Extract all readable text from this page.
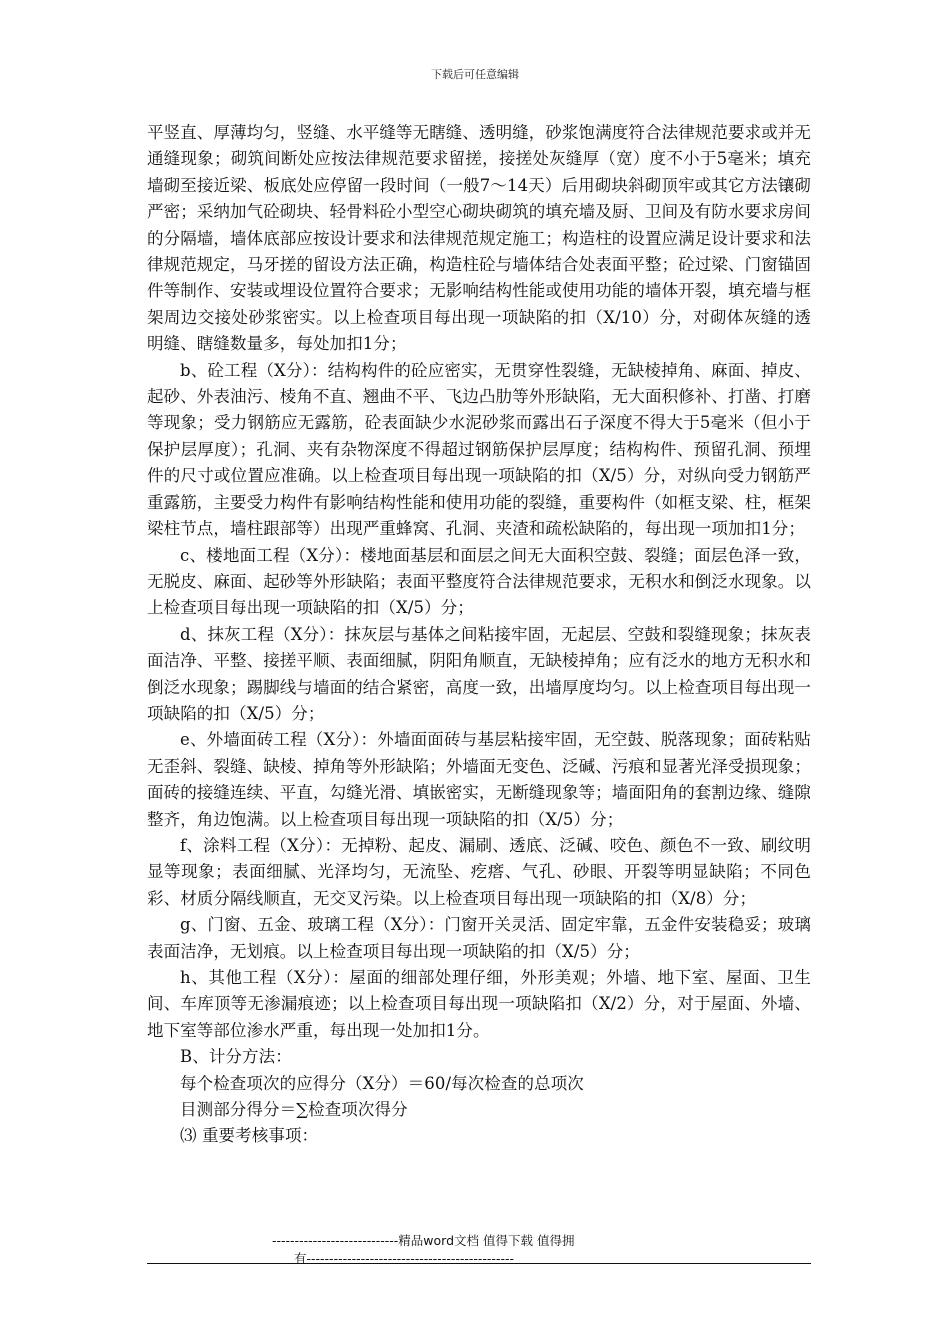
下载后可任意编辑

平竖直、厚薄均匀，竖缝、水平缝等无瞎缝、透明缝，砂浆饱满度符合法律规范要求或并无通缝现象；砌筑间断处应按法律规范要求留搓，接搓处灰缝厚（宽）度不小于5毫米；填充墙砌至接近梁、板底处应停留一段时间（一般7～14天）后用砌块斜砌顶牢或其它方法镶砌严密；采纳加气砼砌块、轻骨料砼小型空心砌块砌筑的填充墙及厨、卫间及有防水要求房间的分隔墙，墙体底部应按设计要求和法律规范规定施工；构造柱的设置应满足设计要求和法律规范规定，马牙搓的留设方法正确，构造柱砼与墙体结合处表面平整；砼过梁、门窗锚固件等制作、安装或埋设位置符合要求；无影响结构性能或使用功能的墙体开裂，填充墙与框架周边交接处砂浆密实。以上检查项目每出现一项缺陷的扣（X/10）分，对砌体灰缝的透明缝、瞎缝数量多，每处加扣1分；

b、砼工程（X分）：结构构件的砼应密实，无贯穿性裂缝，无缺棱掉角、麻面、掉皮、起砂、外表油污、棱角不直、翘曲不平、飞边凸肋等外形缺陷，无大面积修补、打凿、打磨等现象；受力钢筋应无露筋，砼表面缺少水泥砂浆而露出石子深度不得大于5毫米（但小于保护层厚度）；孔洞、夹有杂物深度不得超过钢筋保护层厚度；结构构件、预留孔洞、预埋件的尺寸或位置应准确。以上检查项目每出现一项缺陷的扣（X/5）分，对纵向受力钢筋严重露筋，主要受力构件有影响结构性能和使用功能的裂缝，重要构件（如框支梁、柱，框架梁柱节点，墙柱跟部等）出现严重蜂窝、孔洞、夹渣和疏松缺陷的，每出现一项加扣1分；

c、楼地面工程（X分）：楼地面基层和面层之间无大面积空鼓、裂缝；面层色泽一致，无脱皮、麻面、起砂等外形缺陷；表面平整度符合法律规范要求，无积水和倒泛水现象。以上检查项目每出现一项缺陷的扣（X/5）分；

d、抹灰工程（X分）：抹灰层与基体之间粘接牢固，无起层、空鼓和裂缝现象；抹灰表面洁净、平整、接搓平顺、表面细腻，阴阳角顺直，无缺棱掉角；应有泛水的地方无积水和倒泛水现象；踢脚线与墙面的结合紧密，高度一致，出墙厚度均匀。以上检查项目每出现一项缺陷的扣（X/5）分；

e、外墙面砖工程（X分）：外墙面面砖与基层粘接牢固，无空鼓、脱落现象；面砖粘贴无歪斜、裂缝、缺棱、掉角等外形缺陷；外墙面无变色、泛碱、污痕和显著光泽受损现象；面砖的接缝连续、平直，勾缝光滑、填嵌密实，无断缝现象等；墙面阳角的套割边缘、缝隙整齐，角边饱满。以上检查项目每出现一项缺陷的扣（X/5）分；

f、涂料工程（X分）：无掉粉、起皮、漏刷、透底、泛碱、咬色、颜色不一致、刷纹明显等现象；表面细腻、光泽均匀，无流坠、疙瘩、气孔、砂眼、开裂等明显缺陷；不同色彩、材质分隔线顺直，无交叉污染。以上检查项目每出现一项缺陷的扣（X/8）分；

g、门窗、五金、玻璃工程（X分）：门窗开关灵活、固定牢靠，五金件安装稳妥；玻璃表面洁净，无划痕。以上检查项目每出现一项缺陷的扣（X/5）分；

h、其他工程（X分）：屋面的细部处理仔细，外形美观；外墙、地下室、屋面、卫生间、车库顶等无渗漏痕迹；以上检查项目每出现一项缺陷扣（X/2）分，对于屋面、外墙、地下室等部位渗水严重，每出现一处加扣1分。

B、计分方法：

每个检查项次的应得分（X分）＝60/每次检查的总项次

目测部分得分＝∑检查项次得分

⑶ 重要考核事项：

----------------------------精品word文档 值得下载 值得拥
有----------------------------------------------
